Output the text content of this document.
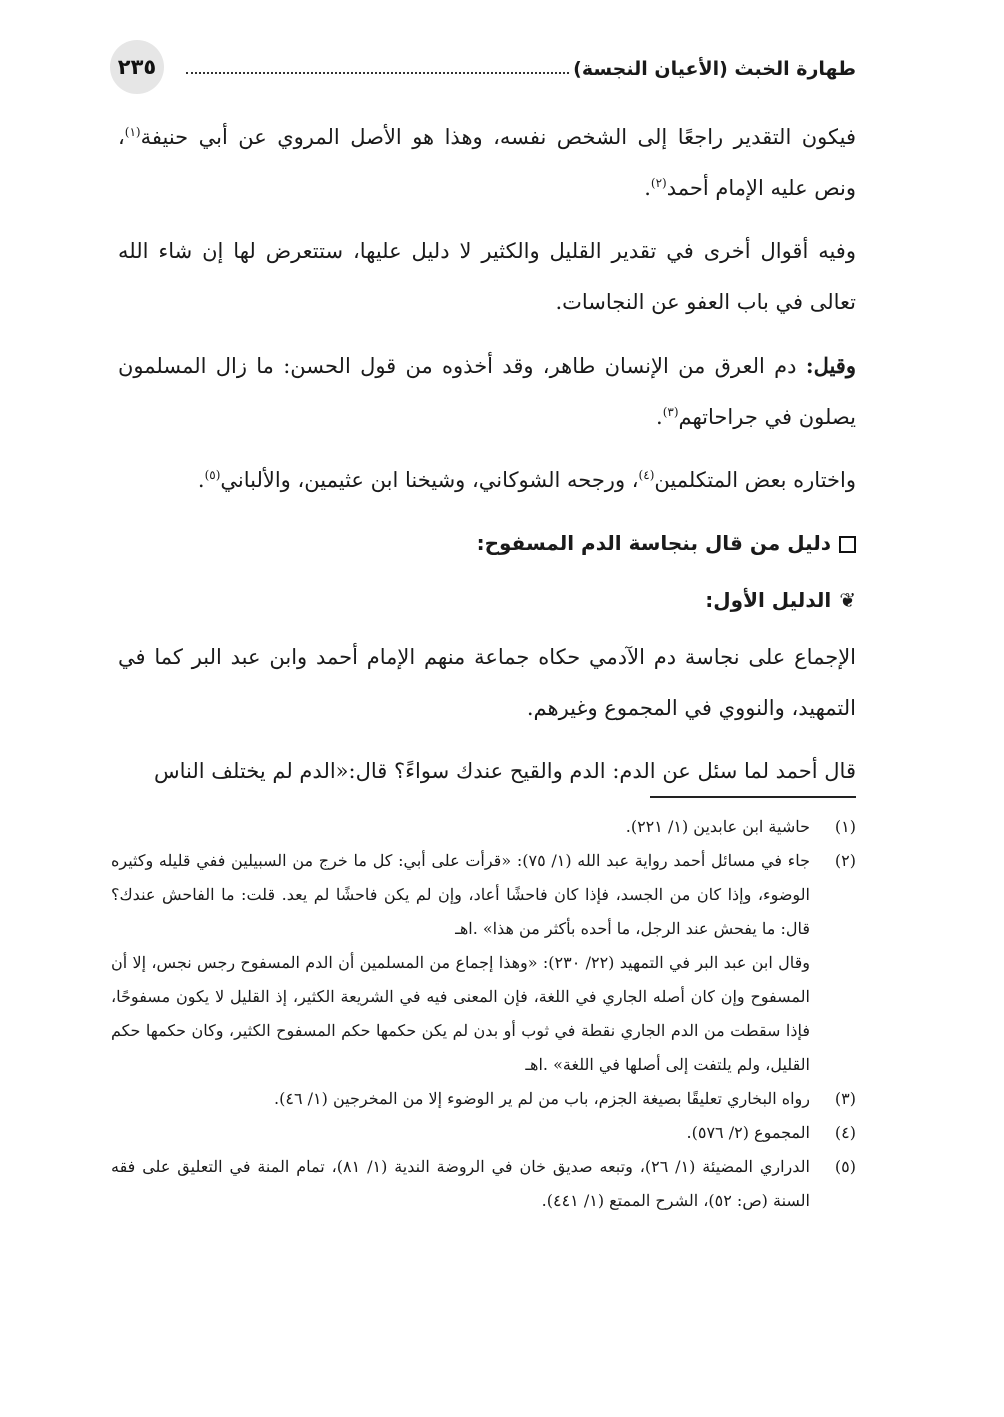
٢٣٥	طهارة الخبث (الأعيان النجسة)

فيكون التقدير راجعًا إلى الشخص نفسه، وهذا هو الأصل المروي عن أبي حنيفة$^{(١)}$، ونص عليه الإمام أحمد$^{(٢)}$.

وفيه أقوال أخرى في تقدير القليل والكثير لا دليل عليها، ستتعرض لها إن شاء الله تعالى في باب العفو عن النجاسات.

وقيل: دم العرق من الإنسان طاهر، وقد أخذوه من قول الحسن: ما زال المسلمون يصلون في جراحاتهم$^{(٣)}$.

واختاره بعض المتكلمين$^{(٤)}$، ورجحه الشوكاني، وشيخنا ابن عثيمين، والألباني$^{(٥)}$.

دليل من قال بنجاسة الدم المسفوح:

❦الدليل الأول:

الإجماع على نجاسة دم الآدمي حكاه جماعة منهم الإمام أحمد وابن عبد البر كما في التمهيد، والنووي في المجموع وغيرهم.

قال أحمد لما سئل عن الدم: الدم والقيح عندك سواءً؟ قال:«الدم لم يختلف الناس

(١)
حاشية ابن عابدين (١/ ٢٢١).
(٢)
جاء في مسائل أحمد رواية عبد الله (١/ ٧٥): «قرأت على أبي: كل ما خرج من السبيلين ففي قليله وكثيره الوضوء، وإذا كان من الجسد، فإذا كان فاحشًا أعاد، وإن لم يكن فاحشًا لم يعد. قلت: ما الفاحش عندك؟ قال: ما يفحش عند الرجل، ما أحده بأكثر من هذا» .اهـ
وقال ابن عبد البر في التمهيد (٢٢/ ٢٣٠): «وهذا إجماع من المسلمين أن الدم المسفوح رجس نجس، إلا أن المسفوح وإن كان أصله الجاري في اللغة، فإن المعنى فيه في الشريعة الكثير، إذ القليل لا يكون مسفوحًا، فإذا سقطت من الدم الجاري نقطة في ثوب أو بدن لم يكن حكمها حكم المسفوح الكثير، وكان حكمها حكم القليل، ولم يلتفت إلى أصلها في اللغة» .اهـ
(٣)
رواه البخاري تعليقًا بصيغة الجزم، باب من لم ير الوضوء إلا من المخرجين (١/ ٤٦).
(٤)
المجموع (٢/ ٥٧٦).
(٥)
الدراري المضيئة (١/ ٢٦)، وتبعه صديق خان في الروضة الندية (١/ ٨١)، تمام المنة في التعليق على فقه السنة (ص: ٥٢)، الشرح الممتع (١/ ٤٤١).
